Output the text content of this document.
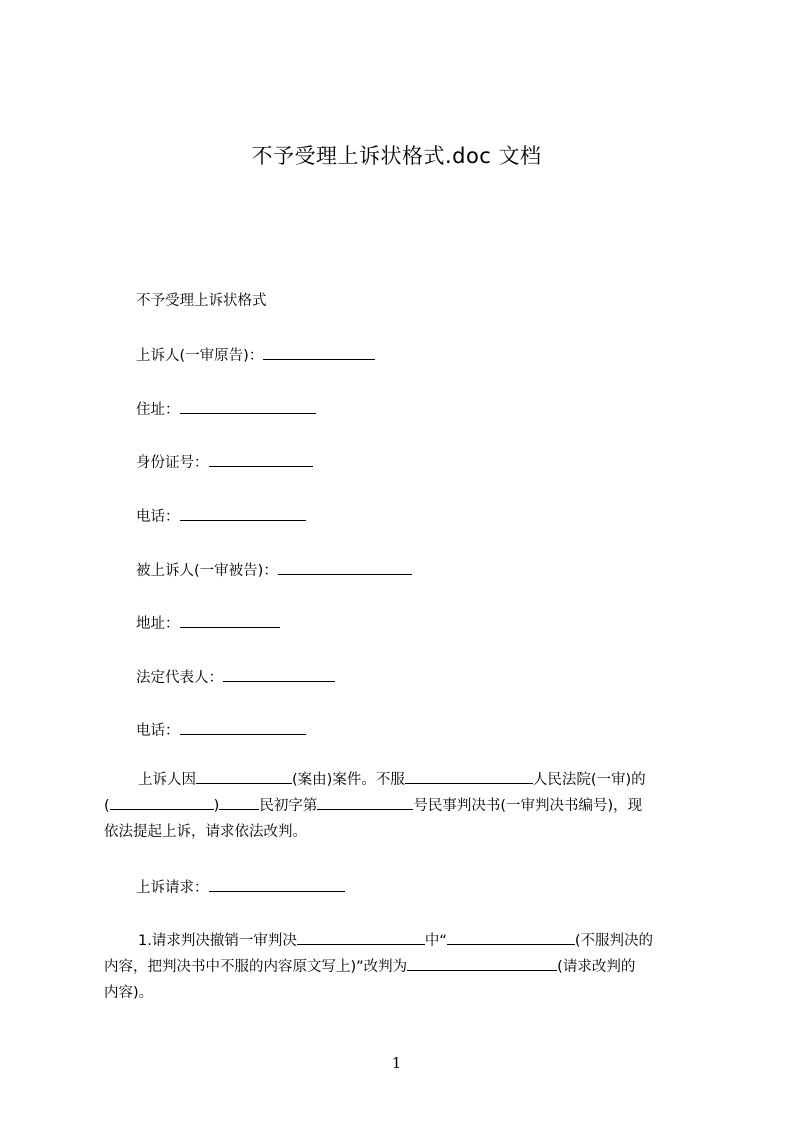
不予受理上诉状格式.doc 文档
不予受理上诉状格式
上诉人(一审原告)：
住址：
身份证号：
电话：
被上诉人(一审被告)：
地址：
法定代表人：
电话：
上诉人因	(案由)案件。不服	人民法院(一审)的
(	)	民初字第	号民事判决书(一审判决书编号)，现
依法提起上诉，请求依法改判。
上诉请求：
1.请求判决撤销一审判决	中“	(不服判决的
内容，把判决书中不服的内容原文写上)”改判为	(请求改判的
内容)。
1
